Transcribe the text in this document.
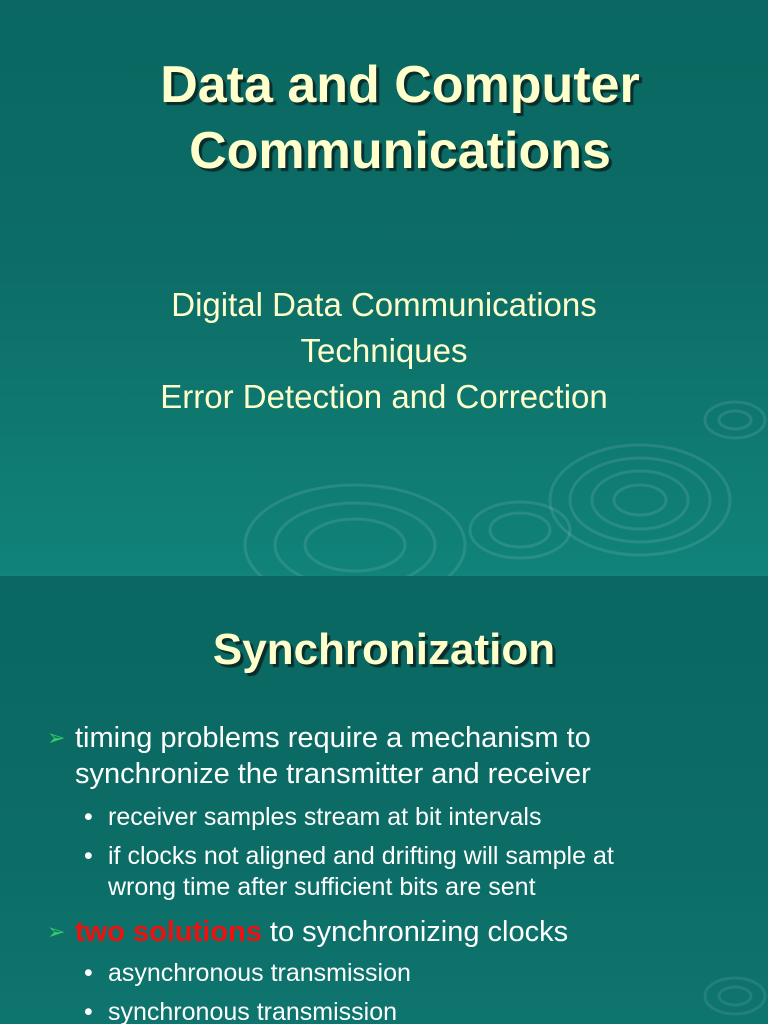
Data and Computer
Communications
Digital Data Communications
Techniques
Error Detection and Correction
Synchronization
➢ timing problems require a mechanism to
synchronize the transmitter and receiver
• receiver samples stream at bit intervals
• if clocks not aligned and drifting will sample at
wrong time after sufficient bits are sent
➢ two solutions to synchronizing clocks
• asynchronous transmission
• synchronous transmission
